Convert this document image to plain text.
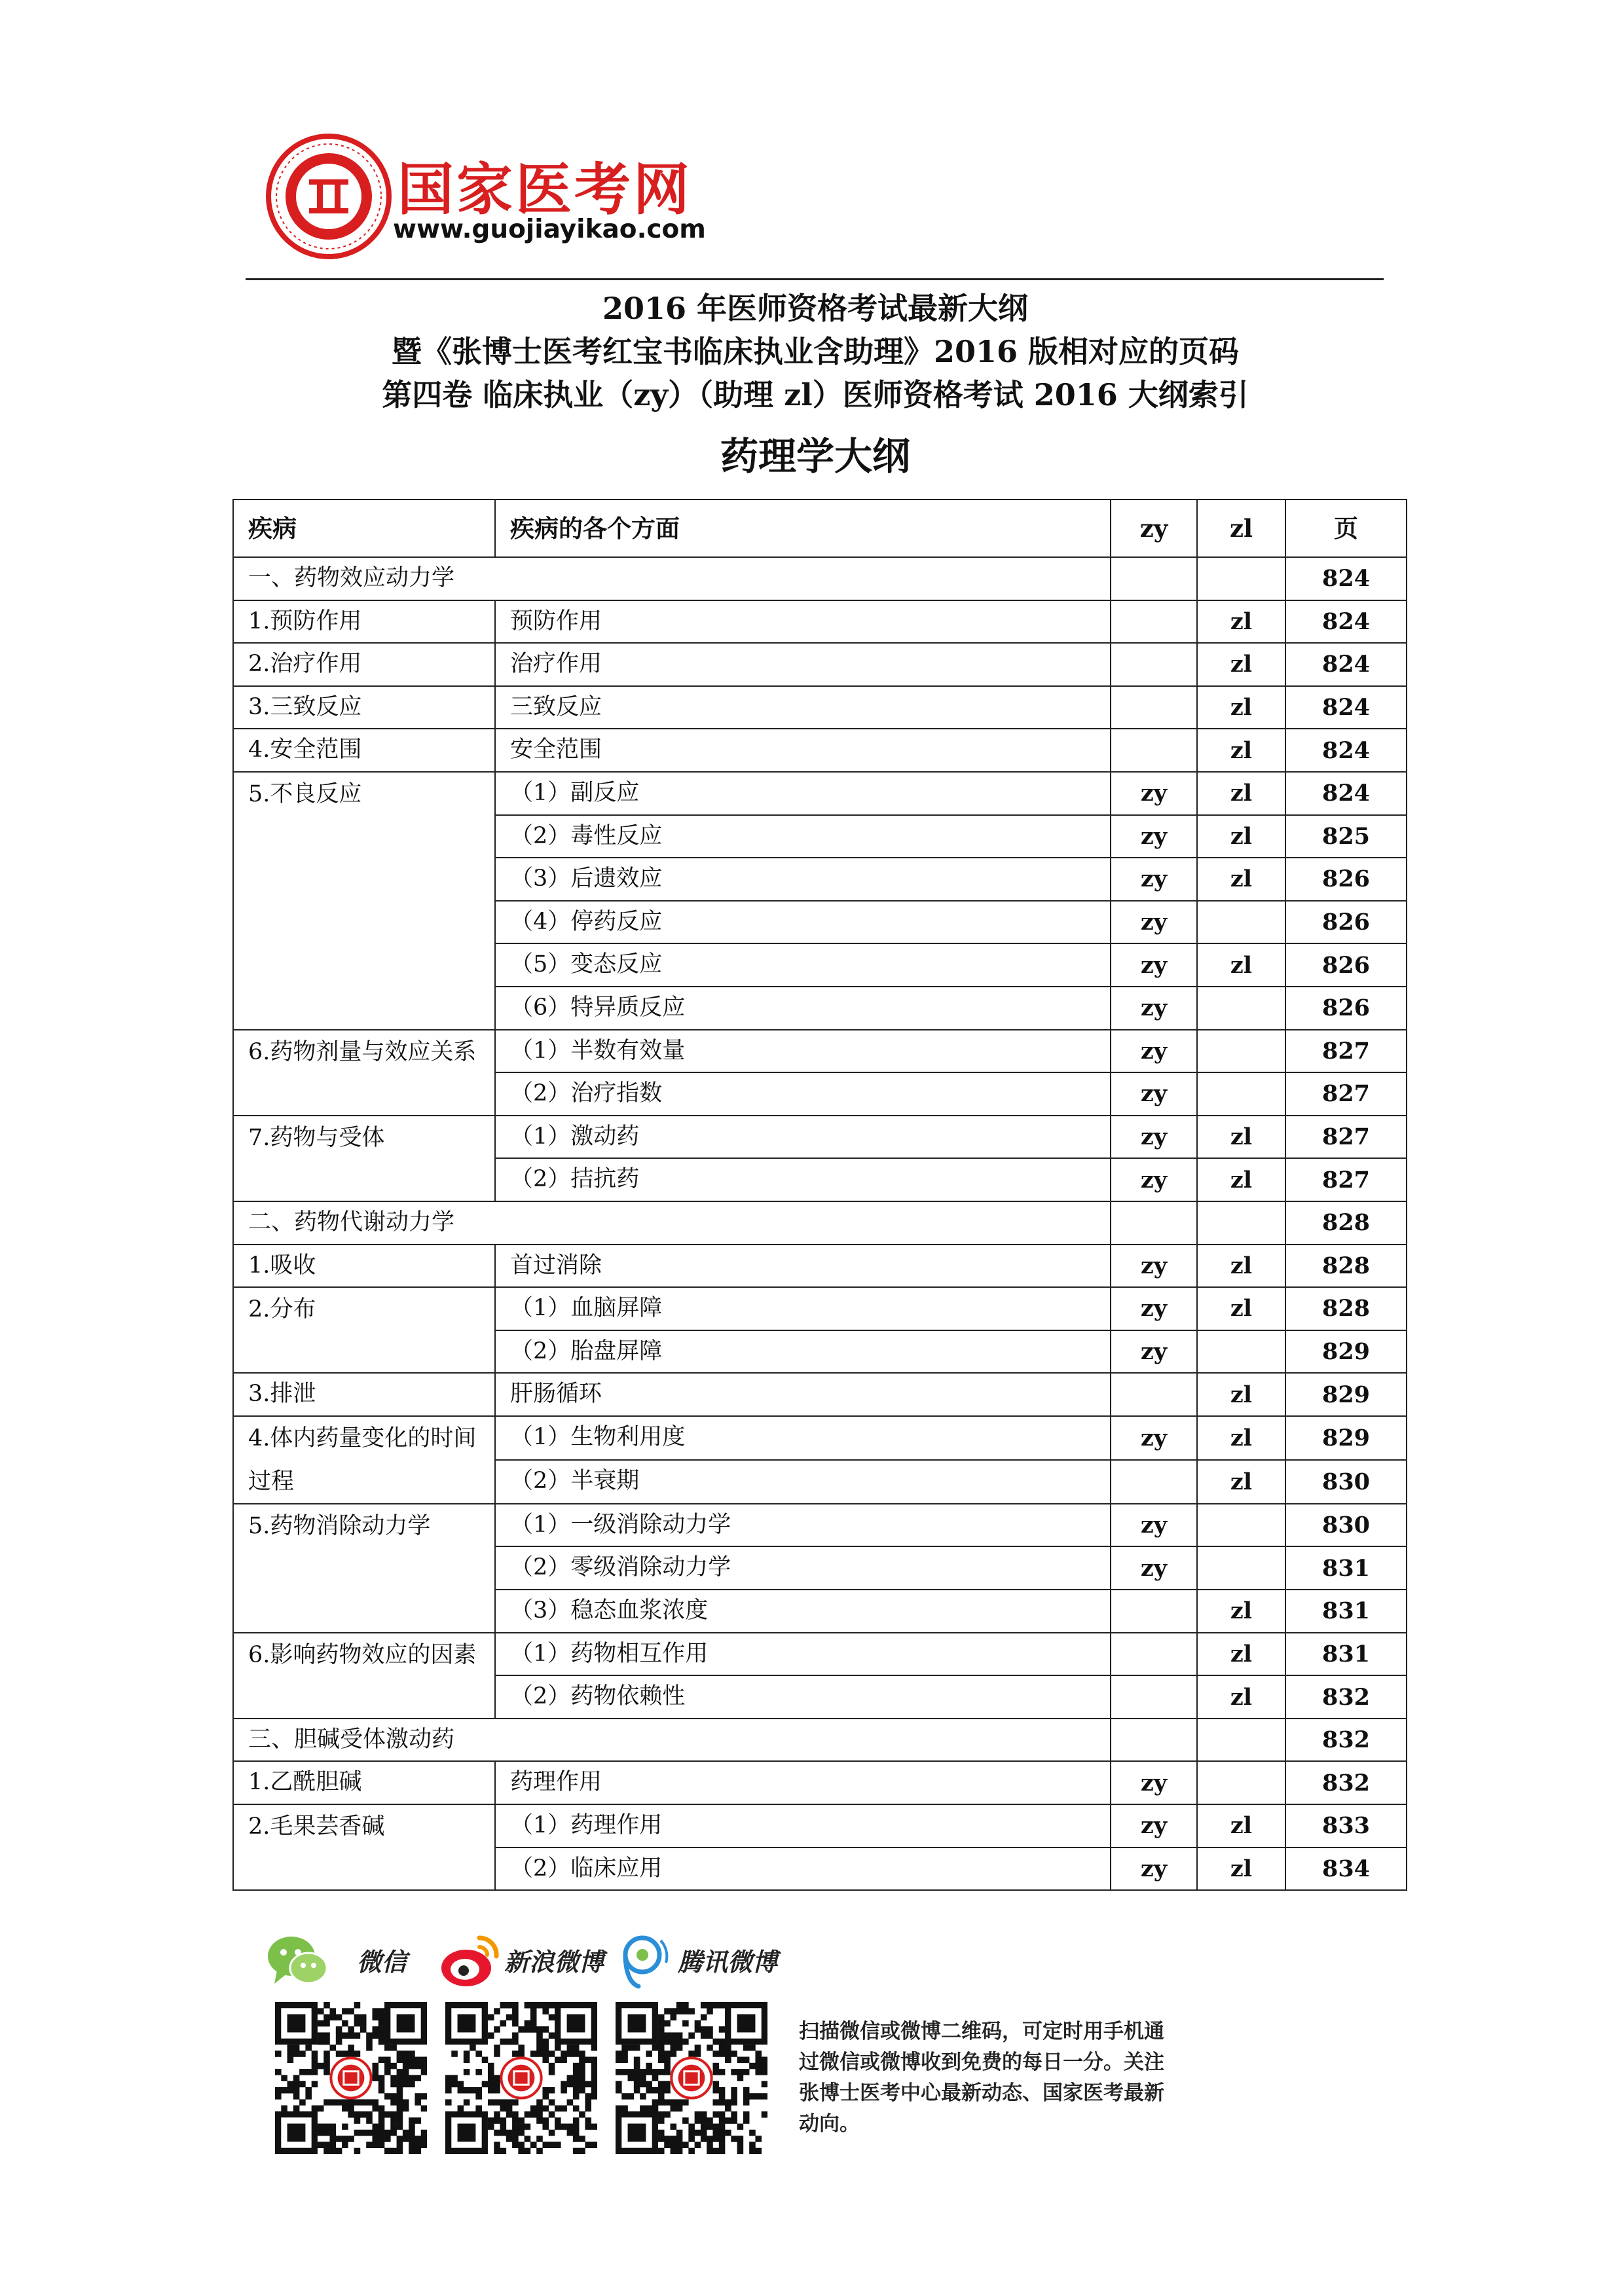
国家医考网
www.guojiayikao.com
2016 年医师资格考试最新大纲
暨《张博士医考红宝书临床执业含助理》2016 版相对应的页码
第四卷 临床执业（zy）（助理 zl）医师资格考试 2016 大纲索引
药理学大纲
疾病	疾病的各个方面	zy	zl	页
一、药物效应动力学				824
1.预防作用	预防作用		zl	824
2.治疗作用	治疗作用		zl	824
3.三致反应	三致反应		zl	824
4.安全范围	安全范围		zl	824
5.不良反应	（1）副反应	zy	zl	824
	（2）毒性反应	zy	zl	825
	（3）后遗效应	zy	zl	826
	（4）停药反应	zy		826
	（5）变态反应	zy	zl	826
	（6）特异质反应	zy		826
6.药物剂量与效应关系	（1）半数有效量	zy		827
	（2）治疗指数	zy		827
7.药物与受体	（1）激动药	zy	zl	827
	（2）拮抗药	zy	zl	827
二、药物代谢动力学				828
1.吸收	首过消除	zy	zl	828
2.分布	（1）血脑屏障	zy	zl	828
	（2）胎盘屏障	zy		829
3.排泄	肝肠循环		zl	829
4.体内药量变化的时间过程	（1）生物利用度	zy	zl	829
	（2）半衰期		zl	830
5.药物消除动力学	（1）一级消除动力学	zy		830
	（2）零级消除动力学	zy		831
	（3）稳态血浆浓度		zl	831
6.影响药物效应的因素	（1）药物相互作用		zl	831
	（2）药物依赖性		zl	832
三、胆碱受体激动药				832
1.乙酰胆碱	药理作用	zy		832
2.毛果芸香碱	（1）药理作用	zy	zl	833
	（2）临床应用	zy	zl	834
微信	新浪微博	腾讯微博
扫描微信或微博二维码，可定时用手机通过微信或微博收到免费的每日一分。关注张博士医考中心最新动态、国家医考最新动向。
